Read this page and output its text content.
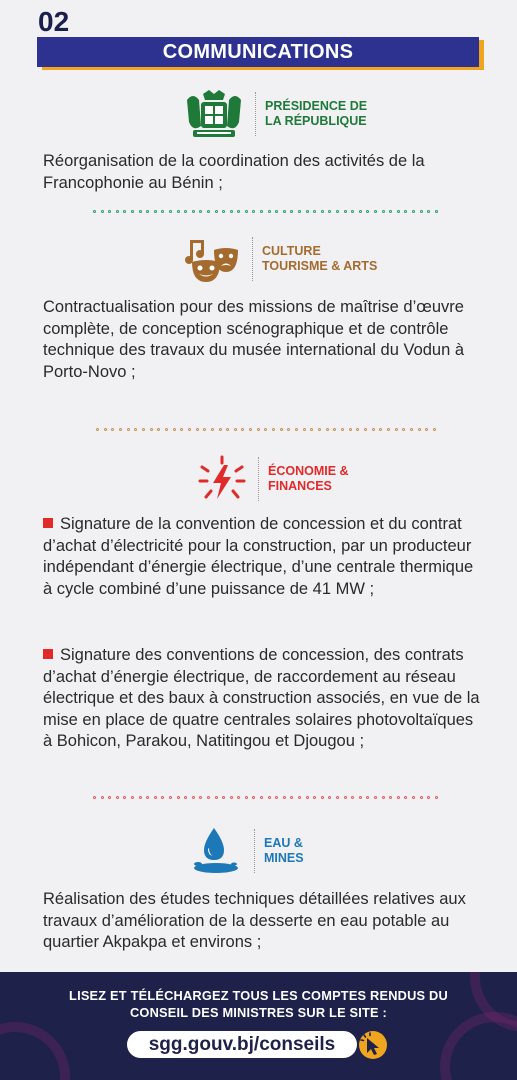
02
COMMUNICATIONS
PRÉSIDENCE DE
LA RÉPUBLIQUE
Réorganisation de la coordination des activités de la Francophonie au Bénin ;
CULTURE
TOURISME & ARTS
Contractualisation pour des missions de maîtrise d’œuvre complète, de conception scénographique et de contrôle technique des travaux du musée international du Vodun à Porto-Novo ;
ÉCONOMIE &
FINANCES
Signature de la convention de concession et du contrat d’achat d’électricité pour la construction, par un producteur indépendant d’énergie électrique, d’une centrale thermique à cycle combiné d’une puissance de 41 MW ;
Signature des conventions de concession, des contrats d’achat d’énergie électrique, de raccordement au réseau électrique et des baux à construction associés, en vue de la mise en place de quatre centrales solaires photovoltaïques à Bohicon, Parakou, Natitingou et Djougou ;
EAU &
MINES
Réalisation des études techniques détaillées relatives aux travaux d’amélioration de la desserte en eau potable au quartier Akpakpa et environs ;
LISEZ ET TÉLÉCHARGEZ TOUS LES COMPTES RENDUS DU
CONSEIL DES MINISTRES SUR LE SITE :
sgg.gouv.bj/conseils
